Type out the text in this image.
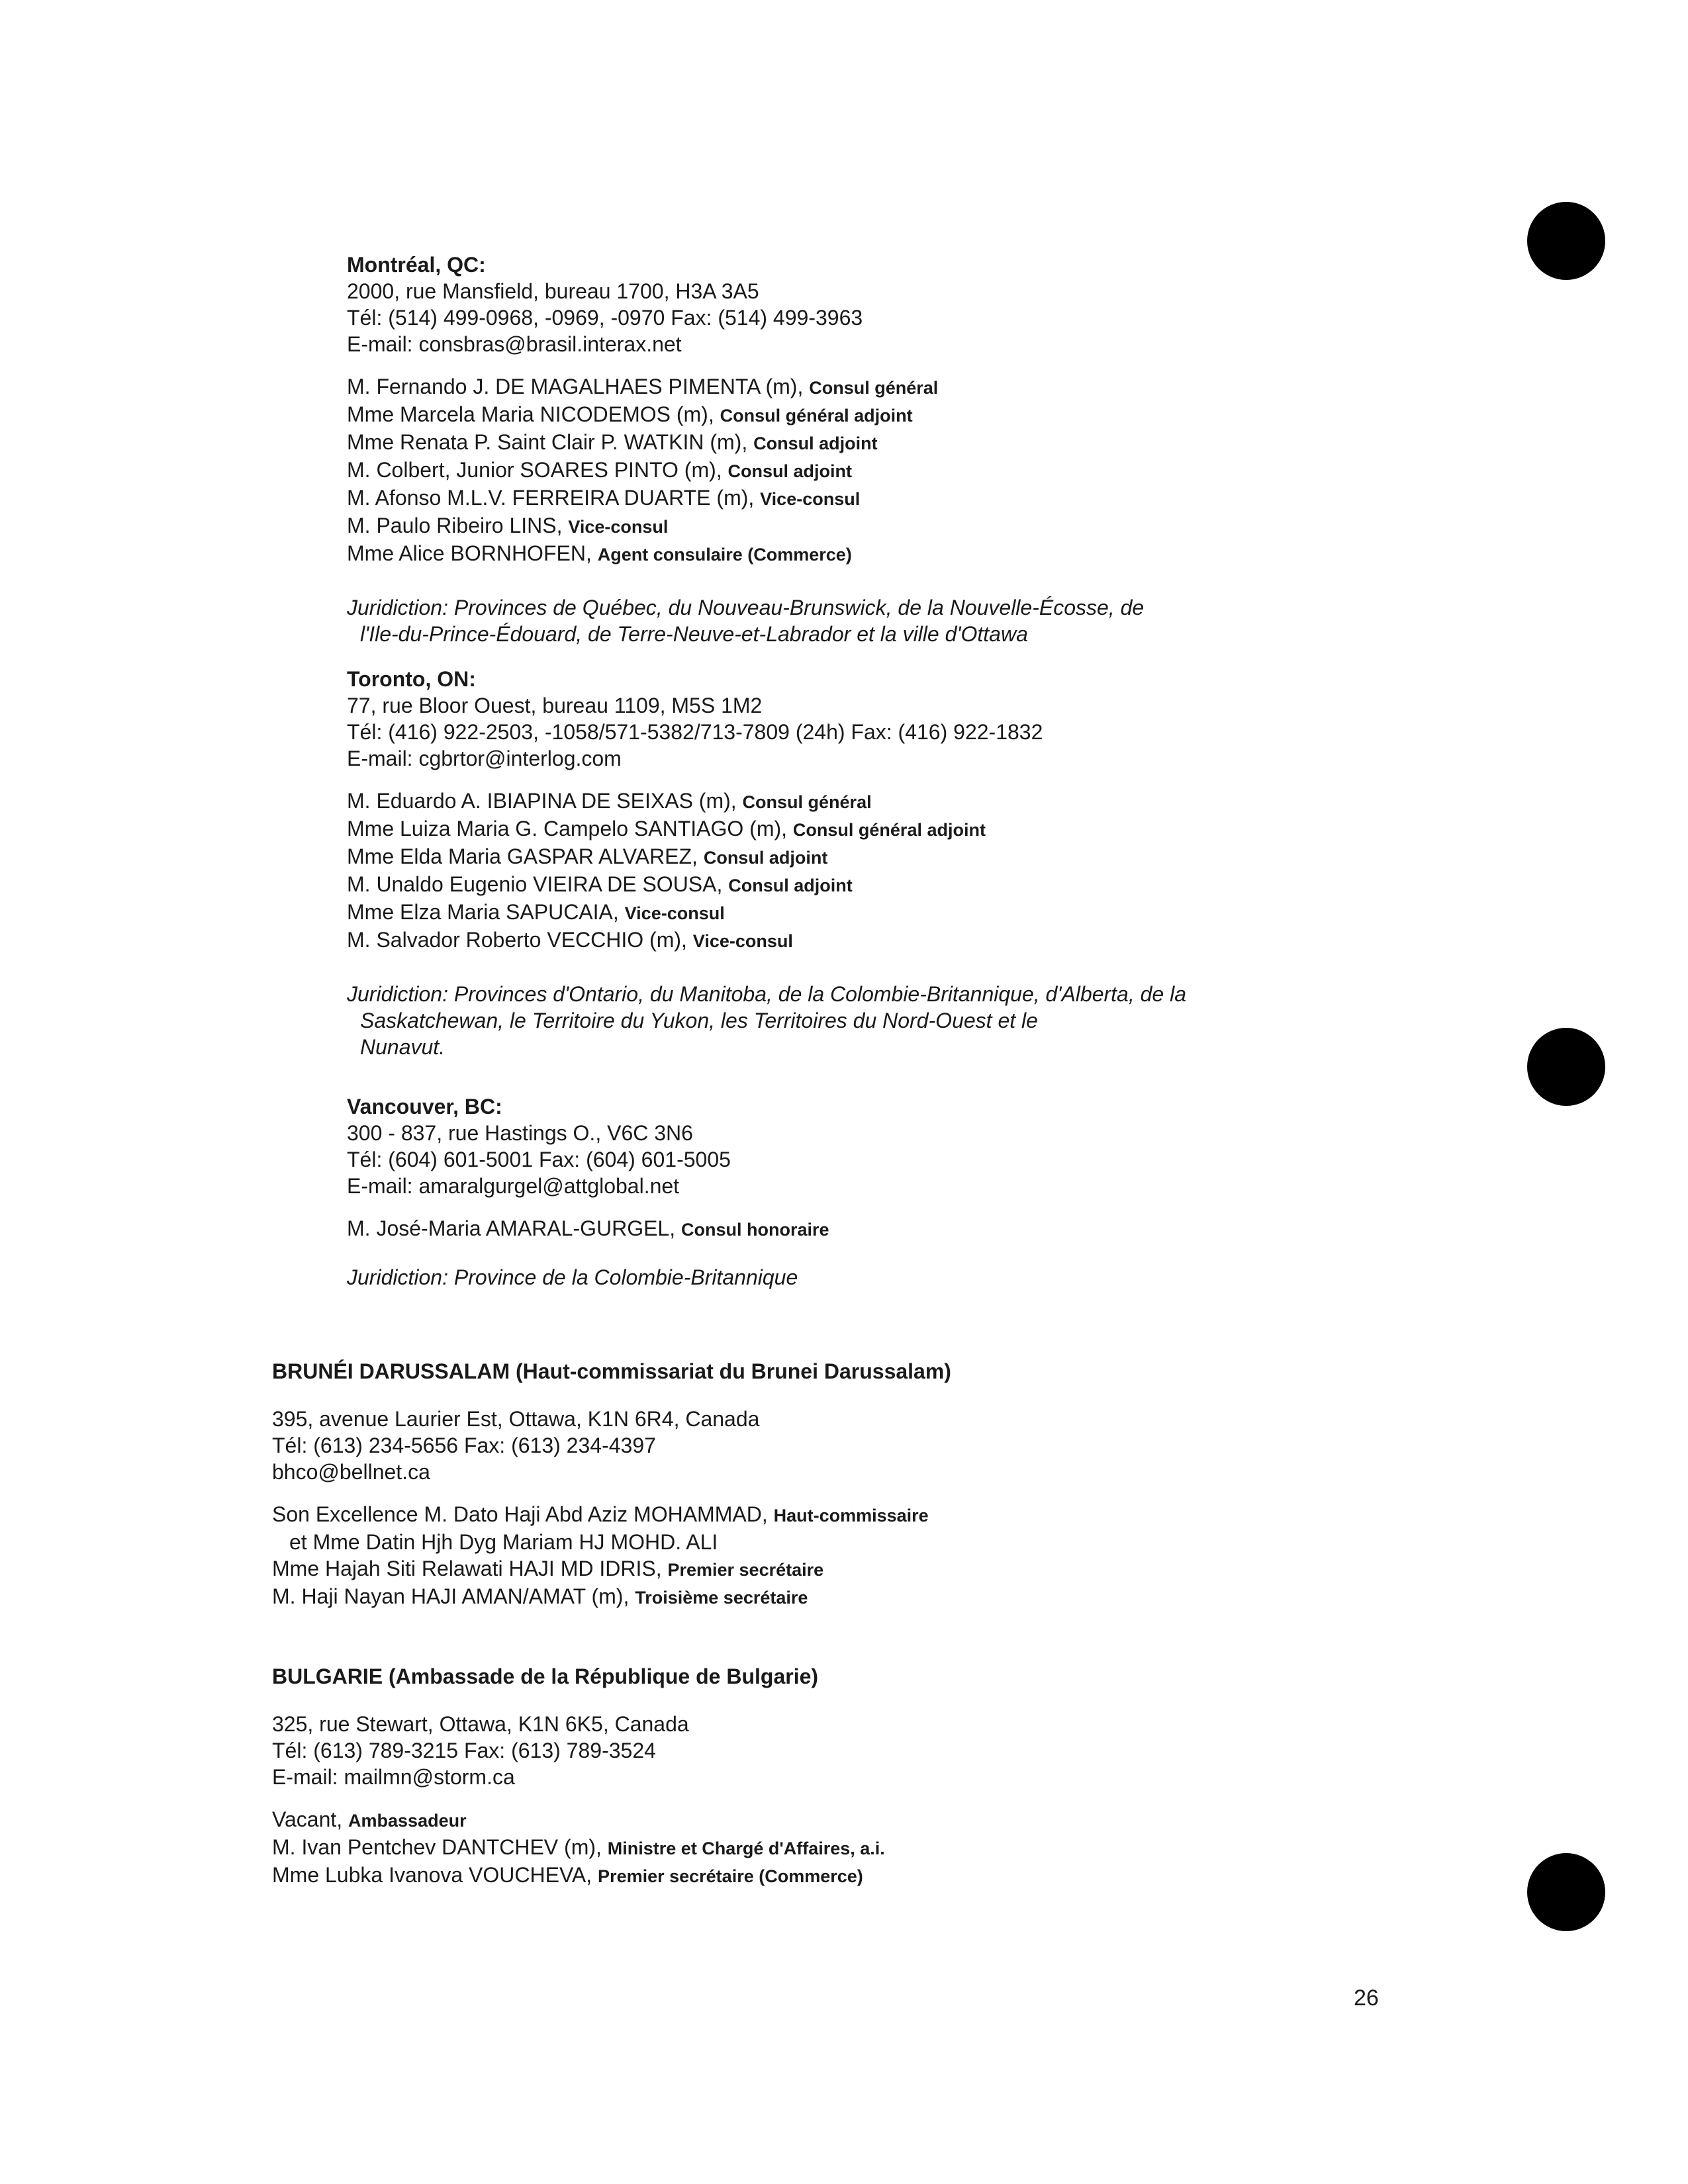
Montréal, QC:
2000, rue Mansfield, bureau 1700, H3A 3A5
Tél: (514) 499-0968, -0969, -0970 Fax: (514) 499-3963
E-mail: consbras@brasil.interax.net
M. Fernando J. DE MAGALHAES PIMENTA (m), Consul général
Mme Marcela Maria NICODEMOS (m), Consul général adjoint
Mme Renata P. Saint Clair P. WATKIN (m), Consul adjoint
M. Colbert, Junior SOARES PINTO (m), Consul adjoint
M. Afonso M.L.V. FERREIRA DUARTE (m), Vice-consul
M. Paulo Ribeiro LINS, Vice-consul
Mme Alice BORNHOFEN, Agent consulaire (Commerce)
Juridiction: Provinces de Québec, du Nouveau-Brunswick, de la Nouvelle-Écosse, de
l'Ile-du-Prince-Édouard, de Terre-Neuve-et-Labrador et la ville d'Ottawa
Toronto, ON:
77, rue Bloor Ouest, bureau 1109, M5S 1M2
Tél: (416) 922-2503, -1058/571-5382/713-7809 (24h) Fax: (416) 922-1832
E-mail: cgbrtor@interlog.com
M. Eduardo A. IBIAPINA DE SEIXAS (m), Consul général
Mme Luiza Maria G. Campelo SANTIAGO (m), Consul général adjoint
Mme Elda Maria GASPAR ALVAREZ, Consul adjoint
M. Unaldo Eugenio VIEIRA DE SOUSA, Consul adjoint
Mme Elza Maria SAPUCAIA, Vice-consul
M. Salvador Roberto VECCHIO (m), Vice-consul
Juridiction: Provinces d'Ontario, du Manitoba, de la Colombie-Britannique, d'Alberta, de la
Saskatchewan, le Territoire du Yukon, les Territoires du Nord-Ouest et le
Nunavut.
Vancouver, BC:
300 - 837, rue Hastings O., V6C 3N6
Tél: (604) 601-5001 Fax: (604) 601-5005
E-mail: amaralgurgel@attglobal.net
M. José-Maria AMARAL-GURGEL, Consul honoraire
Juridiction: Province de la Colombie-Britannique
BRUNÉI DARUSSALAM (Haut-commissariat du Brunei Darussalam)
395, avenue Laurier Est, Ottawa, K1N 6R4, Canada
Tél: (613) 234-5656 Fax: (613) 234-4397
bhco@bellnet.ca
Son Excellence M. Dato Haji Abd Aziz MOHAMMAD, Haut-commissaire
et Mme Datin Hjh Dyg Mariam HJ MOHD. ALI
Mme Hajah Siti Relawati HAJI MD IDRIS, Premier secrétaire
M. Haji Nayan HAJI AMAN/AMAT (m), Troisième secrétaire
BULGARIE (Ambassade de la République de Bulgarie)
325, rue Stewart, Ottawa, K1N 6K5, Canada
Tél: (613) 789-3215 Fax: (613) 789-3524
E-mail: mailmn@storm.ca
Vacant, Ambassadeur
M. Ivan Pentchev DANTCHEV (m), Ministre et Chargé d'Affaires, a.i.
Mme Lubka Ivanova VOUCHEVA, Premier secrétaire (Commerce)
26
